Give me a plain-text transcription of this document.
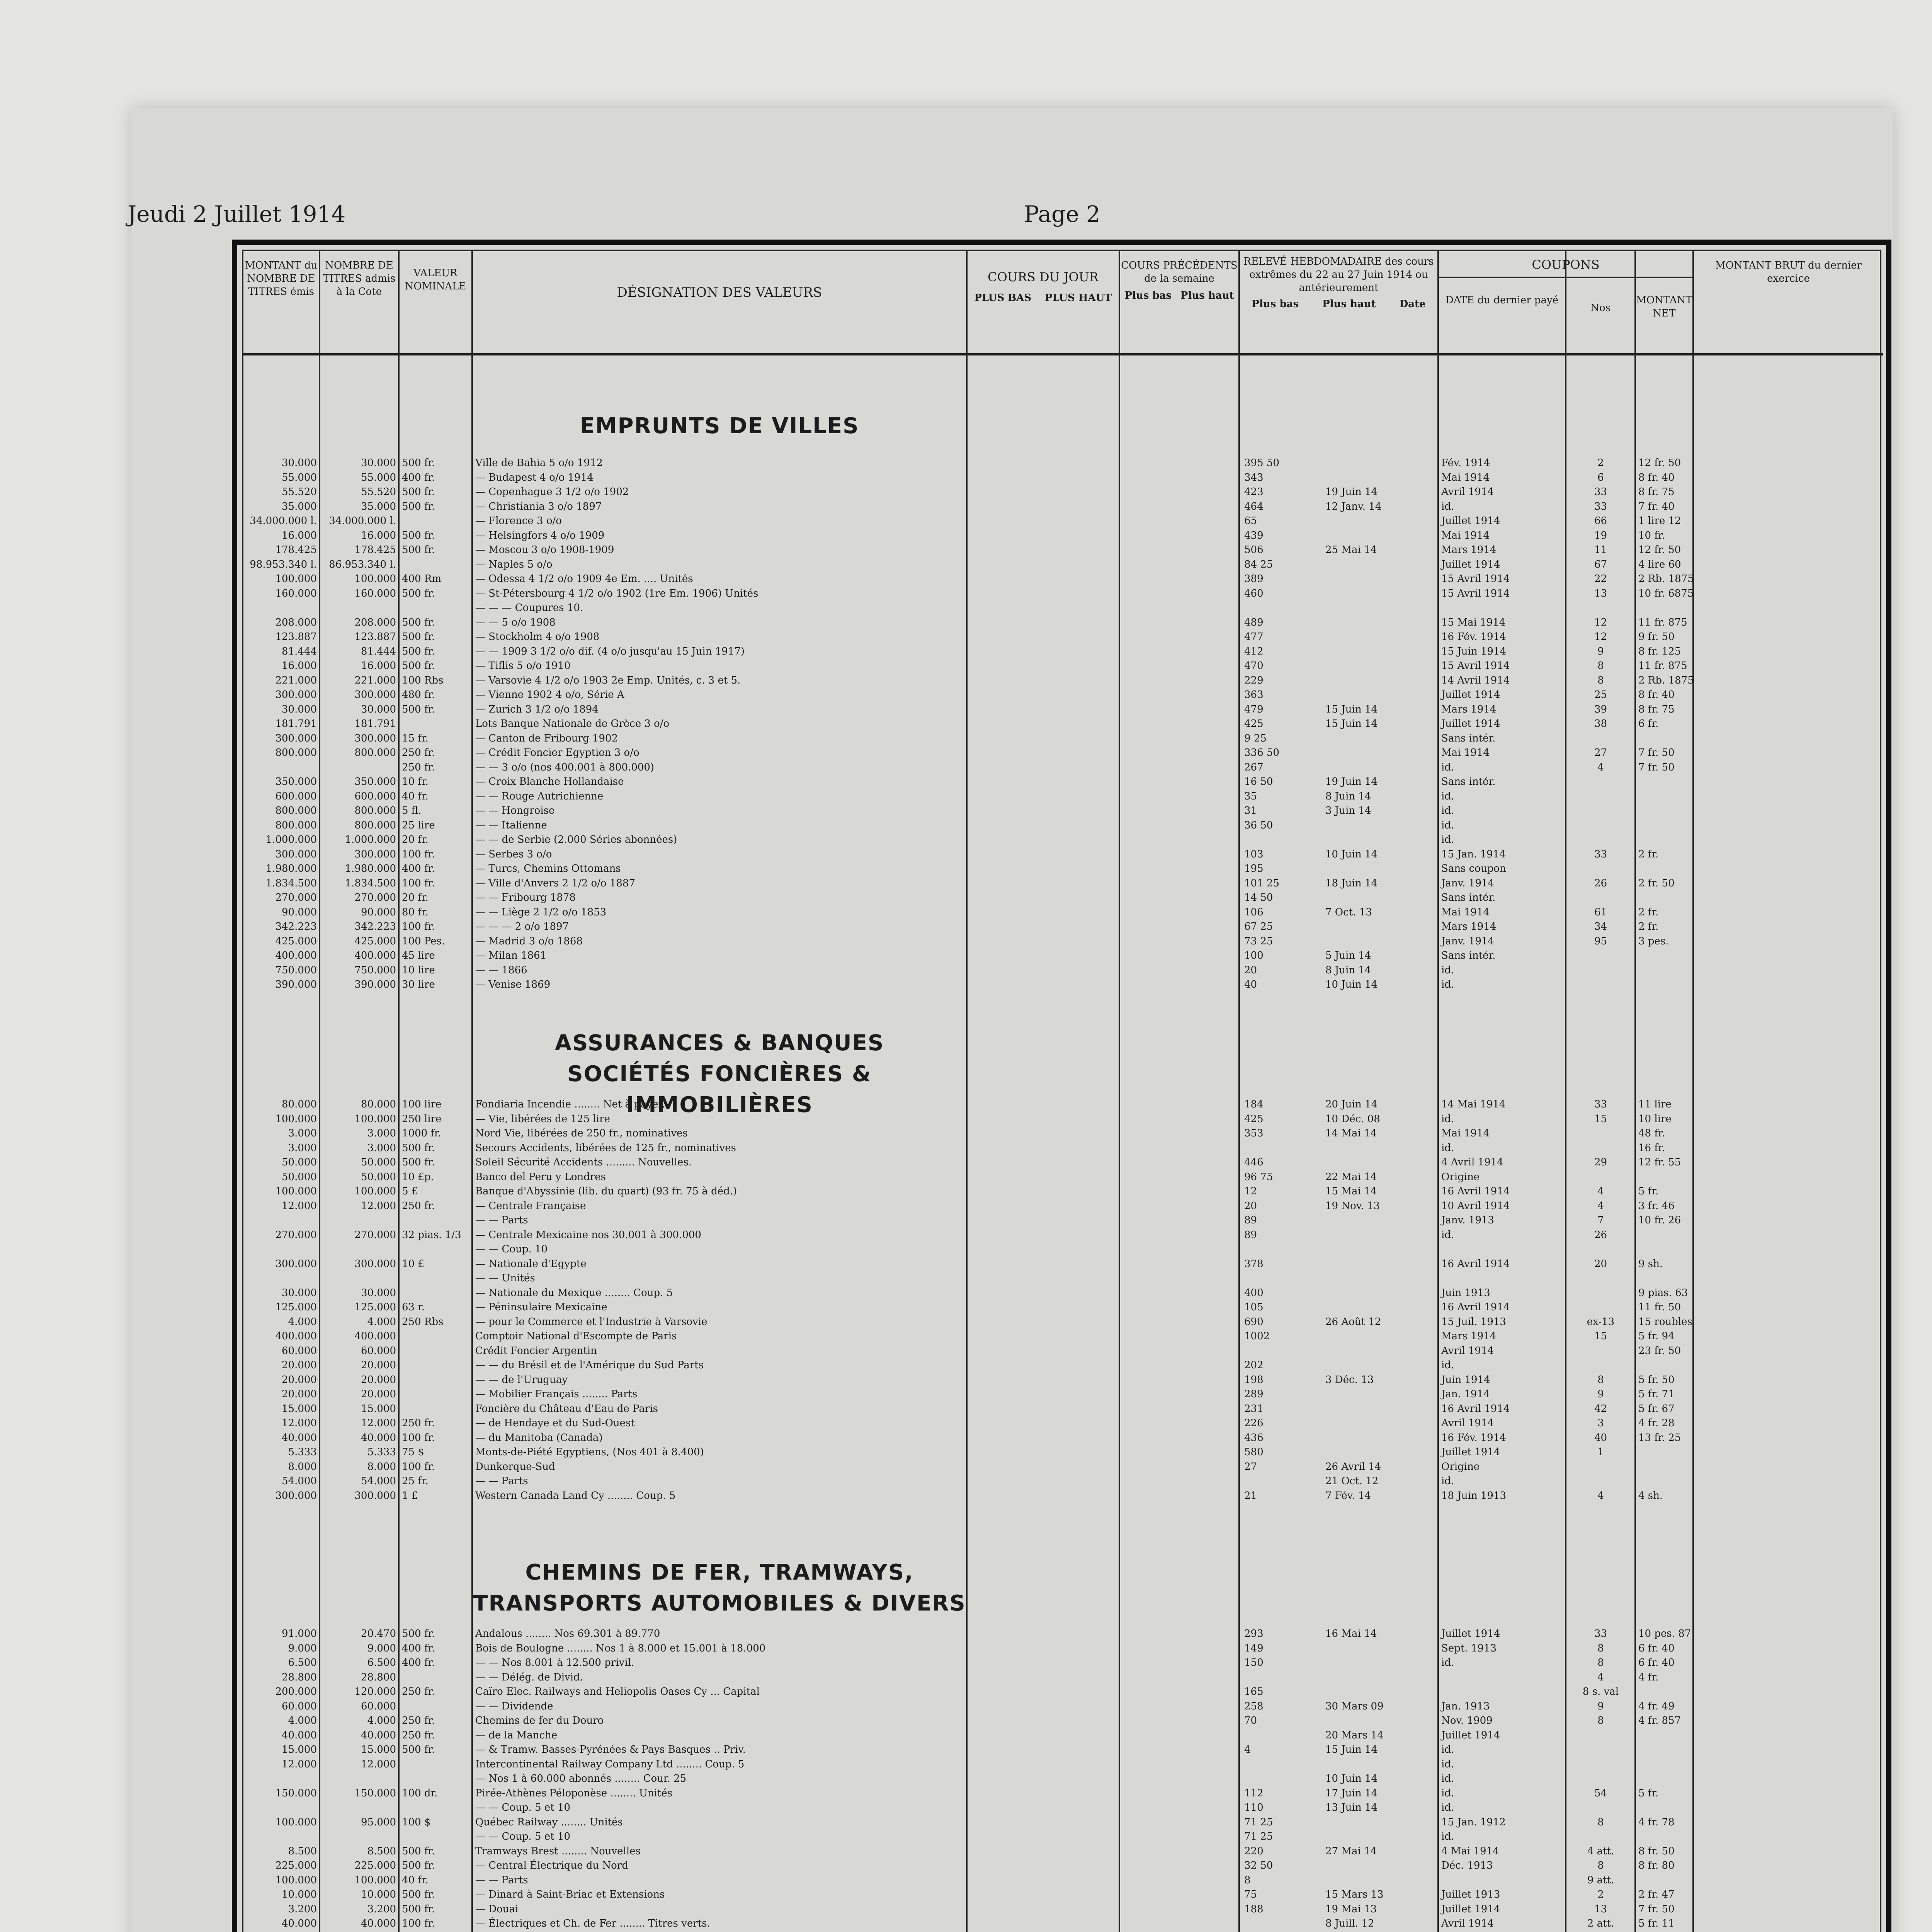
Jeudi 2 Juillet 1914	Page 2
MONTANT du NOMBRE DE TITRES émis
NOMBRE DE TITRES admis à la Cote
VALEUR NOMINALE	DÉSIGNATION DES VALEURS
COURS DU JOUR
PLUS BAS PLUS HAUT
COURS PRÉCÉDENTS de la semaine
Plus bas Plus haut
RELEVÉ HEBDOMADAIRE des cours extrêmes du 22 au 27 Juin 1914 ou antérieurement
Plus bas Plus haut Date
COUPONS
DATE du dernier payé
Nos
MONTANT NET
MONTANT BRUT du dernier exercice
EMPRUNTS DE VILLES
ASSURANCES & BANQUES
SOCIÉTÉS FONCIÈRES & IMMOBILIÈRES
CHEMINS DE FER, TRAMWAYS,
TRANSPORTS AUTOMOBILES & DIVERS
30.000
55.000
55.520
35.000
34.000.000 l.
16.000
178.425
98.953.340 l.
100.000
160.000
208.000
123.887
81.444
16.000
221.000
300.000
30.000
181.791
300.000
800.000
350.000
600.000
800.000
800.000
1.000.000
300.000
1.980.000
1.834.500
270.000
90.000
342.223
425.000
400.000
750.000
390.000
30.000
55.000
55.520
35.000
34.000.000 l.
16.000
178.425
86.953.340 l.
100.000
160.000
208.000
123.887
81.444
16.000
221.000
300.000
30.000
181.791
300.000
800.000
350.000
600.000
800.000
800.000
1.000.000
300.000
1.980.000
1.834.500
270.000
90.000
342.223
425.000
400.000
750.000
390.000
500 fr.
400 fr.
500 fr.
500 fr.
500 fr.
500 fr.
400 Rm
500 fr.
500 fr.
500 fr.
500 fr.
500 fr.
100 Rbs
480 fr.
500 fr.
15 fr.
250 fr.
250 fr.
10 fr.
40 fr.
5 fl.
25 lire
20 fr.
100 fr.
400 fr.
100 fr.
20 fr.
80 fr.
100 fr.
100 Pes.
45 lire
10 lire
30 lire
Ville de Bahia 5 o/o 1912
— Budapest 4 o/o 1914
— Copenhague 3 1/2 o/o 1902
— Christiania 3 o/o 1897
— Florence 3 o/o
— Helsingfors 4 o/o 1909
— Moscou 3 o/o 1908-1909
— Naples 5 o/o
— Odessa 4 1/2 o/o 1909 4e Em. .... Unités
— St-Pétersbourg 4 1/2 o/o 1902 (1re Em. 1906) Unités
— — — Coupures 10.
— — 5 o/o 1908
— Stockholm 4 o/o 1908
— — 1909 3 1/2 o/o dif. (4 o/o jusqu'au 15 Juin 1917)
— Tiflis 5 o/o 1910
— Varsovie 4 1/2 o/o 1903 2e Emp. Unités, c. 3 et 5.
— Vienne 1902 4 o/o, Série A
— Zurich 3 1/2 o/o 1894
Lots Banque Nationale de Grèce 3 o/o
— Canton de Fribourg 1902
— Crédit Foncier Egyptien 3 o/o
— — 3 o/o (nos 400.001 à 800.000)
— Croix Blanche Hollandaise
— — Rouge Autrichienne
— — Hongroise
— — Italienne
— — de Serbie (2.000 Séries abonnées)
— Serbes 3 o/o
— Turcs, Chemins Ottomans
— Ville d'Anvers 2 1/2 o/o 1887
— — Fribourg 1878
— — Liège 2 1/2 o/o 1853
— — — 2 o/o 1897
— Madrid 3 o/o 1868
— Milan 1861
— — 1866
— Venise 1869
395 50
343
423
464
65
439
506
84 25
389
460
489
477
412
470
229
363
479
425
9 25
336 50
267
16 50
35
31
36 50
103
195
101 25
14 50
106
67 25
73 25
100
20
40
19 Juin 14
12 Janv. 14
25 Mai 14
15 Juin 14
15 Juin 14
19 Juin 14
8 Juin 14
3 Juin 14
10 Juin 14
18 Juin 14
7 Oct. 13
5 Juin 14
8 Juin 14
10 Juin 14
Fév. 1914
Mai 1914
Avril 1914
id.
Juillet 1914
Mai 1914
Mars 1914
Juillet 1914
15 Avril 1914
15 Avril 1914
15 Mai 1914
16 Fév. 1914
15 Juin 1914
15 Avril 1914
14 Avril 1914
Juillet 1914
Mars 1914
Juillet 1914
Sans intér.
Mai 1914
id.
Sans intér.
id.
id.
id.
id.
15 Jan. 1914
Sans coupon
Janv. 1914
Sans intér.
Mai 1914
Mars 1914
Janv. 1914
Sans intér.
id.
id.
2
6
33
33
66
19
11
67
22
13
12
12
9
8
8
25
39
38
27
4
33
26
61
34
95
12 fr. 50
8 fr. 40
8 fr. 75
7 fr. 40
1 lire 12
10 fr.
12 fr. 50
4 lire 60
2 Rb. 1875
10 fr. 6875
11 fr. 875
9 fr. 50
8 fr. 125
11 fr. 875
2 Rb. 1875
8 fr. 40
8 fr. 75
6 fr.
7 fr. 50
7 fr. 50
2 fr.
2 fr. 50
2 fr.
2 fr.
3 pes.
80.000
100.000
3.000
3.000
50.000
50.000
100.000
12.000
270.000
300.000
30.000
125.000
4.000
400.000
60.000
20.000
20.000
20.000
15.000
12.000
40.000
5.333
8.000
54.000
300.000
80.000
100.000
3.000
3.000
50.000
50.000
100.000
12.000
270.000
300.000
30.000
125.000
4.000
400.000
60.000
20.000
20.000
20.000
15.000
12.000
40.000
5.333
8.000
54.000
300.000
100 lire
250 lire
1000 fr.
500 fr.
500 fr.
10 £p.
5 £
250 fr.
32 pias. 1/3
10 £
63 r.
250 Rbs
250 fr.
100 fr.
75 $
100 fr.
25 fr.
1 £
Fondiaria Incendie ........ Net à payer.
— Vie, libérées de 125 lire
Nord Vie, libérées de 250 fr., nominatives
Secours Accidents, libérées de 125 fr., nominatives
Soleil Sécurité Accidents ......... Nouvelles.
Banco del Peru y Londres
Banque d'Abyssinie (lib. du quart) (93 fr. 75 à déd.)
— Centrale Française
— — Parts
— Centrale Mexicaine nos 30.001 à 300.000
— — Coup. 10
— Nationale d'Egypte
— — Unités
— Nationale du Mexique ........ Coup. 5
— Péninsulaire Mexicaine
— pour le Commerce et l'Industrie à Varsovie
Comptoir National d'Escompte de Paris
Crédit Foncier Argentin
— — du Brésil et de l'Amérique du Sud Parts
— — de l'Uruguay
— Mobilier Français ........ Parts
Foncière du Château d'Eau de Paris
— de Hendaye et du Sud-Ouest
— du Manitoba (Canada)
Monts-de-Piété Egyptiens, (Nos 401 à 8.400)
Dunkerque-Sud
— — Parts
Western Canada Land Cy ........ Coup. 5
184
425
353
446
96 75
12
20
89
89
378
400
105
690
1002
202
198
289
231
226
436
580
27
21
20 Juin 14
10 Déc. 08
14 Mai 14
22 Mai 14
15 Mai 14
19 Nov. 13
26 Août 12
3 Déc. 13
26 Avril 14
21 Oct. 12
7 Fév. 14
14 Mai 1914
id.
Mai 1914
id.
4 Avril 1914
Origine
16 Avril 1914
10 Avril 1914
Janv. 1913
id.
16 Avril 1914
Juin 1913
16 Avril 1914
15 Juil. 1913
Mars 1914
Avril 1914
id.
Juin 1914
Jan. 1914
16 Avril 1914
Avril 1914
16 Fév. 1914
Juillet 1914
Origine
id.
18 Juin 1913
33
15
29
4
4
7
26
20
ex-13
15
8
9
42
3
40
1
4
11 lire
10 lire
48 fr.
16 fr.
12 fr. 55
5 fr.
3 fr. 46
10 fr. 26
9 sh.
9 pias. 63
11 fr. 50
15 roubles
5 fr. 94
23 fr. 50
5 fr. 50
5 fr. 71
5 fr. 67
4 fr. 28
13 fr. 25
4 sh.
91.000
9.000
6.500
28.800
200.000
60.000
4.000
40.000
15.000
12.000
150.000
100.000
8.500
225.000
100.000
10.000
3.200
40.000
20.470
9.000
6.500
28.800
120.000
60.000
4.000
40.000
15.000
12.000
150.000
95.000
8.500
225.000
100.000
10.000
3.200
40.000
500 fr.
400 fr.
400 fr.
250 fr.
250 fr.
250 fr.
500 fr.
100 dr.
100 $
500 fr.
500 fr.
40 fr.
500 fr.
500 fr.
100 fr.
Andalous ........ Nos 69.301 à 89.770
Bois de Boulogne ........ Nos 1 à 8.000 et 15.001 à 18.000
— — Nos 8.001 à 12.500 privil.
— — Délég. de Divid.
Caïro Elec. Railways and Heliopolis Oases Cy ... Capital
— — Dividende
Chemins de fer du Douro
— de la Manche
— & Tramw. Basses-Pyrénées & Pays Basques .. Priv.
Intercontinental Railway Company Ltd ........ Coup. 5
— Nos 1 à 60.000 abonnés ........ Cour. 25
Pirée-Athènes Péloponèse ........ Unités
— — Coup. 5 et 10
Québec Railway ........ Unités
— — Coup. 5 et 10
Tramways Brest ........ Nouvelles
— Central Électrique du Nord
— — Parts
— Dinard à Saint-Briac et Extensions
— Douai
— Électriques et Ch. de Fer ........ Titres verts.
293
149
150
165
258
70
4
112
110
71 25
71 25
220
32 50
8
75
188
16 Mai 14
30 Mars 09
20 Mars 14
15 Juin 14
10 Juin 14
17 Juin 14
13 Juin 14
27 Mai 14
15 Mars 13
19 Mai 13
8 Juill. 12
Juillet 1914
Sept. 1913
id.
Jan. 1913
Nov. 1909
Juillet 1914
id.
id.
id.
id.
id.
15 Jan. 1912
id.
4 Mai 1914
Déc. 1913
Juillet 1913
Juillet 1914
Avril 1914
33
8
8
4
8 s. val
9
8
54
8
4 att.
8
9 att.
2
13
2 att.
10 pes. 87
6 fr. 40
6 fr. 40
4 fr.
4 fr. 49
4 fr. 857
5 fr.
4 fr. 78
8 fr. 50
8 fr. 80
2 fr. 47
7 fr. 50
5 fr. 11
